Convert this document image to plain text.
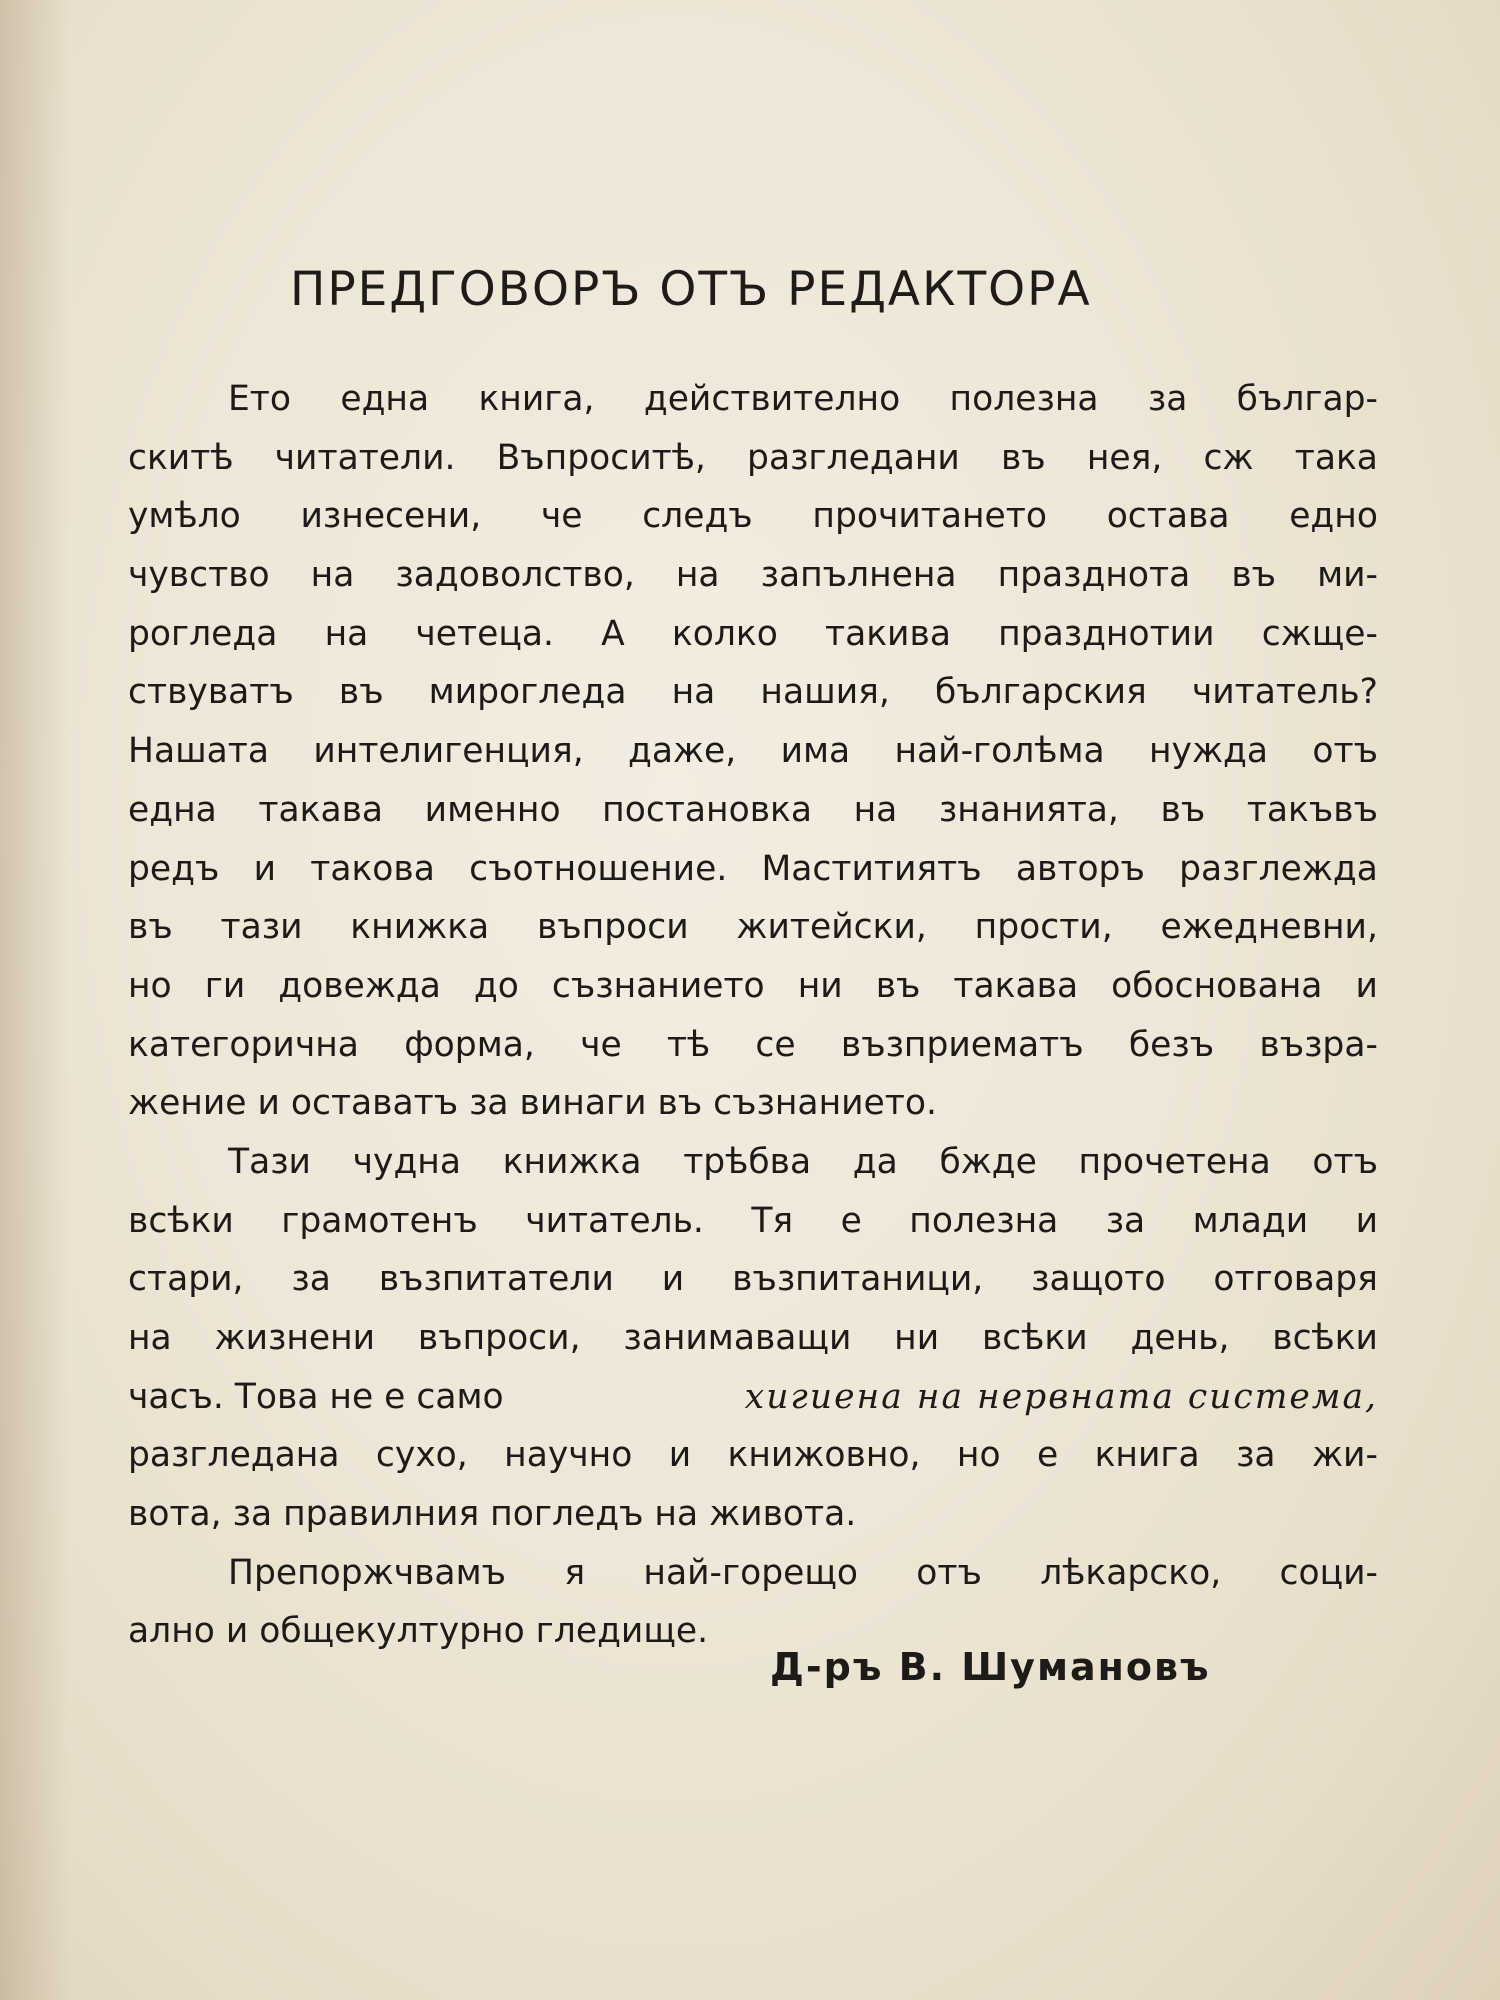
ПРЕДГОВОРЪ ОТЪ РЕДАКТОРА
Ето една книга, действително полезна за българ-
скитѣ читатели. Въпроситѣ, разгледани въ нея, сж така
умѣло изнесени, че следъ прочитането остава едно
чувство на задоволство, на запълнена празднота въ ми-
рогледа на четеца. А колко такива празднотии сжще-
ствуватъ въ мирогледа на нашия, българския читатель?
Нашата интелигенция, даже, има най-голѣма нужда отъ
една такава именно постановка на знанията, въ такъвъ
редъ и такова съотношение. Маститиятъ авторъ разглежда
въ тази книжка въпроси житейски, прости, ежедневни,
но ги довежда до съзнанието ни въ такава обоснована и
категорична форма, че тѣ се възприематъ безъ възра-
жение и оставатъ за винаги въ съзнанието.
Тази чудна книжка трѣбва да бжде прочетена отъ
всѣки грамотенъ читатель. Тя е полезна за млади и
стари, за възпитатели и възпитаници, защото отговаря
на жизнени въпроси, занимаващи ни всѣки день, всѣки
часъ. Това не е само	хигиена на нервната система,
разгледана сухо, научно и книжовно, но е книга за жи-
вота, за правилния погледъ на живота.
Препоржчвамъ я най-горещо отъ лѣкарско, соци-
ално и общекултурно гледище.

Д-ръ В. Шумановъ
